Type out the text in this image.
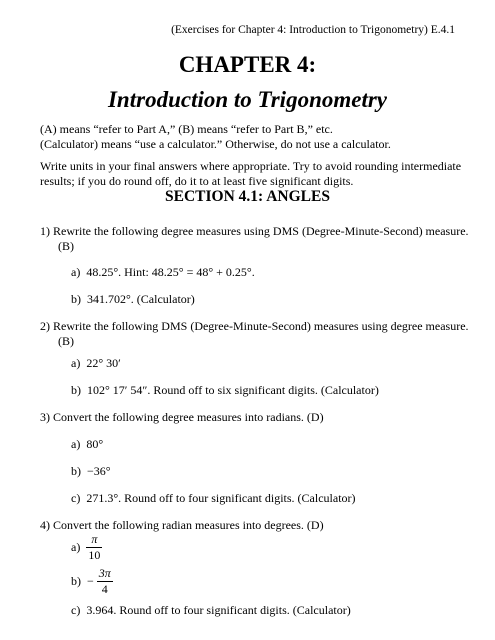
(Exercises for Chapter 4: Introduction to Trigonometry) E.4.1
CHAPTER 4:
Introduction to Trigonometry
(A) means “refer to Part A,” (B) means “refer to Part B,” etc.
(Calculator) means “use a calculator.” Otherwise, do not use a calculator.
Write units in your final answers where appropriate. Try to avoid rounding intermediate
results; if you do round off, do it to at least five significant digits.
SECTION 4.1: ANGLES
1) Rewrite the following degree measures using DMS (Degree-Minute-Second) measure.
(B)
a) 48.25°. Hint: 48.25° = 48° + 0.25°.
b) 341.702°. (Calculator)
2) Rewrite the following DMS (Degree-Minute-Second) measures using degree measure.
(B)
a) 22° 30′
b) 102° 17′ 54″. Round off to six significant digits. (Calculator)
3) Convert the following degree measures into radians. (D)
a) 80°
b) −36°
c) 271.3°. Round off to four significant digits. (Calculator)
4) Convert the following radian measures into degrees. (D)
$a) \frac{\pi}{10}$
$b) - \frac{3\pi}{4}$
c) 3.964. Round off to four significant digits. (Calculator)
